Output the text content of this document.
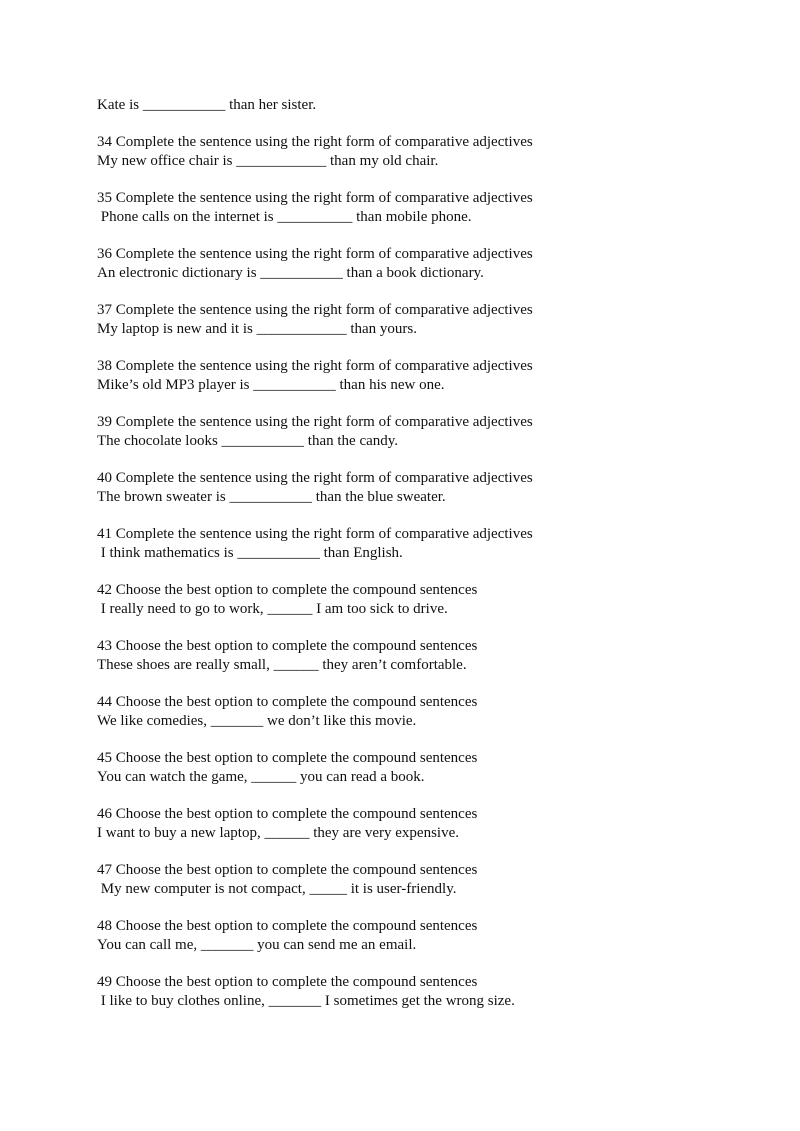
Kate is ___________ than her sister.
34 Complete the sentence using the right form of comparative adjectives
My new office chair is ____________ than my old chair.
35 Complete the sentence using the right form of comparative adjectives
Phone calls on the internet is __________ than mobile phone.
36 Complete the sentence using the right form of comparative adjectives
An electronic dictionary is ___________ than a book dictionary.
37 Complete the sentence using the right form of comparative adjectives
My laptop is new and it is ____________ than yours.
38 Complete the sentence using the right form of comparative adjectives
Mike’s old MP3 player is ___________ than his new one.
39 Complete the sentence using the right form of comparative adjectives
The chocolate looks ___________ than the candy.
40 Complete the sentence using the right form of comparative adjectives
The brown sweater is ___________ than the blue sweater.
41 Complete the sentence using the right form of comparative adjectives
I think mathematics is ___________ than English.
42 Choose the best option to complete the compound sentences
I really need to go to work, ______ I am too sick to drive.
43 Choose the best option to complete the compound sentences
These shoes are really small, ______ they aren’t comfortable.
44 Choose the best option to complete the compound sentences
We like comedies, _______ we don’t like this movie.
45 Choose the best option to complete the compound sentences
You can watch the game, ______ you can read a book.
46 Choose the best option to complete the compound sentences
I want to buy a new laptop, ______ they are very expensive.
47 Choose the best option to complete the compound sentences
My new computer is not compact, _____ it is user-friendly.
48 Choose the best option to complete the compound sentences
You can call me, _______ you can send me an email.
49 Choose the best option to complete the compound sentences
I like to buy clothes online, _______ I sometimes get the wrong size.
